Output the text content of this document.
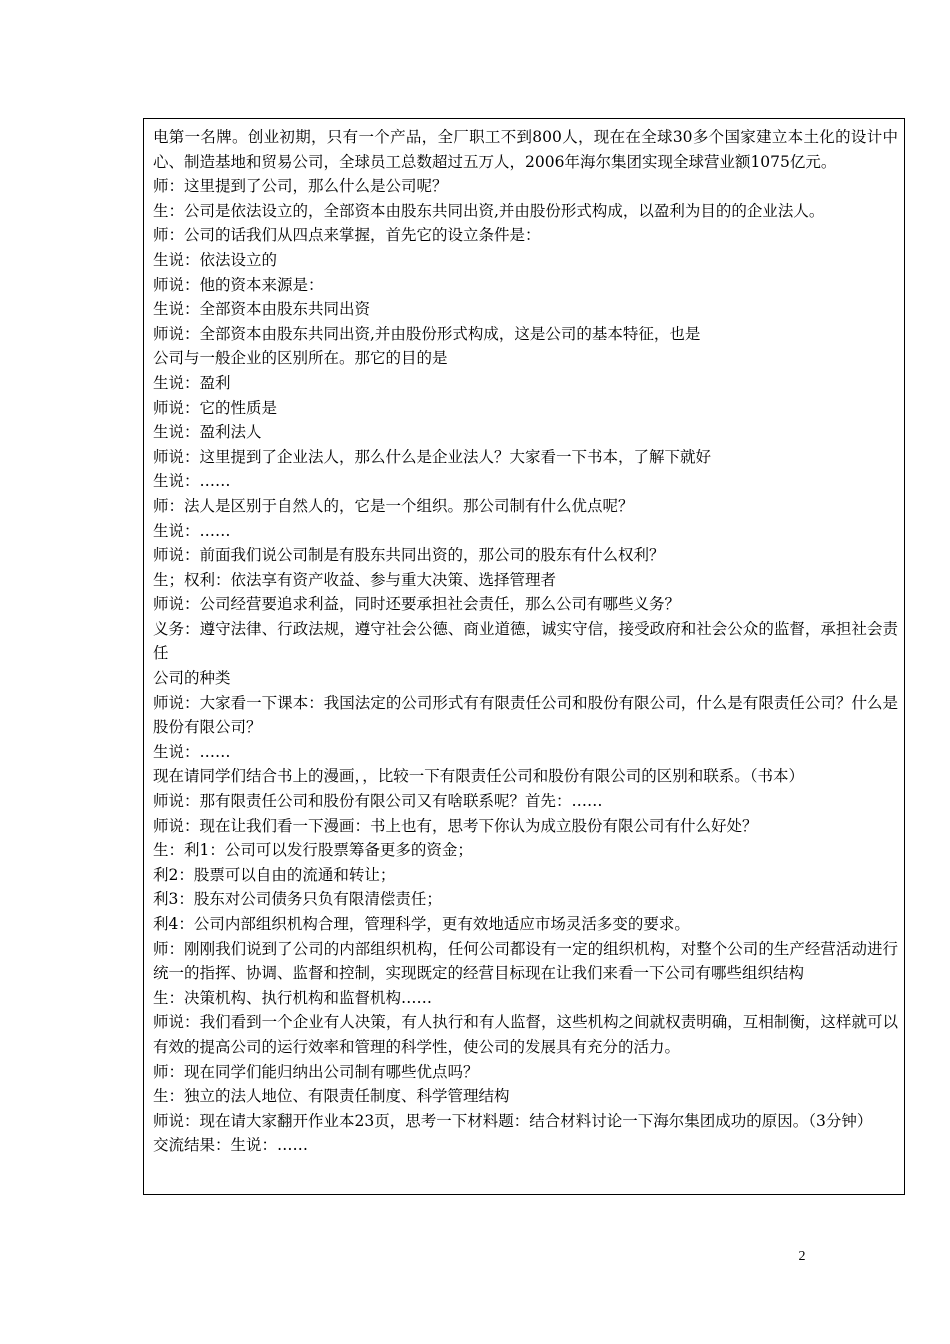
电第一名牌。创业初期，只有一个产品，全厂职工不到800人，现在在全球30多个国家建立本土化的设计中心、制造基地和贸易公司，全球员工总数超过五万人，2006年海尔集团实现全球营业额1075亿元。
师：这里提到了公司，那么什么是公司呢？
生：公司是依法设立的，全部资本由股东共同出资,并由股份形式构成，以盈利为目的的企业法人。
师：公司的话我们从四点来掌握，首先它的设立条件是：
生说：依法设立的
师说：他的资本来源是：
生说：全部资本由股东共同出资
师说：全部资本由股东共同出资,并由股份形式构成，这是公司的基本特征，也是
公司与一般企业的区别所在。那它的目的是
生说：盈利
师说：它的性质是
生说：盈利法人
师说：这里提到了企业法人，那么什么是企业法人？大家看一下书本，了解下就好
生说：……
师：法人是区别于自然人的，它是一个组织。那公司制有什么优点呢？
生说：……
师说：前面我们说公司制是有股东共同出资的，那公司的股东有什么权利？
生；权利：依法享有资产收益、参与重大决策、选择管理者
师说：公司经营要追求利益，同时还要承担社会责任，那么公司有哪些义务？
义务：遵守法律、行政法规，遵守社会公德、商业道德，诚实守信，接受政府和社会公众的监督，承担社会责任
公司的种类
师说：大家看一下课本：我国法定的公司形式有有限责任公司和股份有限公司，什么是有限责任公司？什么是股份有限公司？
生说：……
现在请同学们结合书上的漫画，，比较一下有限责任公司和股份有限公司的区别和联系。（书本）
师说：那有限责任公司和股份有限公司又有啥联系呢？首先：……
师说：现在让我们看一下漫画：书上也有，思考下你认为成立股份有限公司有什么好处？
生：利1：公司可以发行股票筹备更多的资金；
利2：股票可以自由的流通和转让；
利3：股东对公司债务只负有限清偿责任；
利4：公司内部组织机构合理，管理科学，更有效地适应市场灵活多变的要求。
师：刚刚我们说到了公司的内部组织机构，任何公司都设有一定的组织机构，对整个公司的生产经营活动进行统一的指挥、协调、监督和控制，实现既定的经营目标现在让我们来看一下公司有哪些组织结构
生：决策机构、执行机构和监督机构……
师说：我们看到一个企业有人决策，有人执行和有人监督，这些机构之间就权责明确，互相制衡，这样就可以有效的提高公司的运行效率和管理的科学性，使公司的发展具有充分的活力。
师：现在同学们能归纳出公司制有哪些优点吗？
生：独立的法人地位、有限责任制度、科学管理结构
师说：现在请大家翻开作业本23页，思考一下材料题：结合材料讨论一下海尔集团成功的原因。（3分钟）
交流结果：生说：……
2
